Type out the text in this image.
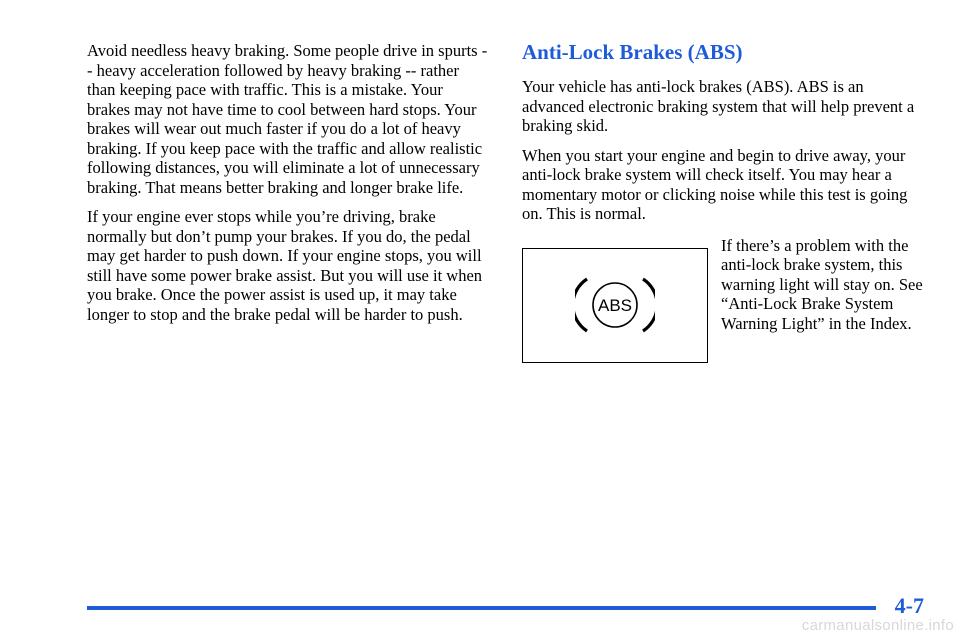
Avoid needless heavy braking. Some people drive in spurts -- heavy acceleration followed by heavy braking -- rather than keeping pace with traffic. This is a mistake. Your brakes may not have time to cool between hard stops. Your brakes will wear out much faster if you do a lot of heavy braking. If you keep pace with the traffic and allow realistic following distances, you will eliminate a lot of unnecessary braking. That means better braking and longer brake life.

If your engine ever stops while you’re driving, brake normally but don’t pump your brakes. If you do, the pedal may get harder to push down. If your engine stops, you will still have some power brake assist. But you will use it when you brake. Once the power assist is used up, it may take longer to stop and the brake pedal will be harder to push.

Anti-Lock Brakes (ABS)

Your vehicle has anti-lock brakes (ABS). ABS is an advanced electronic braking system that will help prevent a braking skid.

When you start your engine and begin to drive away, your anti-lock brake system will check itself. You may hear a momentary motor or clicking noise while this test is going on. This is normal.

ABS

If there’s a problem with the anti-lock brake system, this warning light will stay on. See “Anti-Lock Brake System Warning Light” in the Index.

4-7
carmanualsonline.info
